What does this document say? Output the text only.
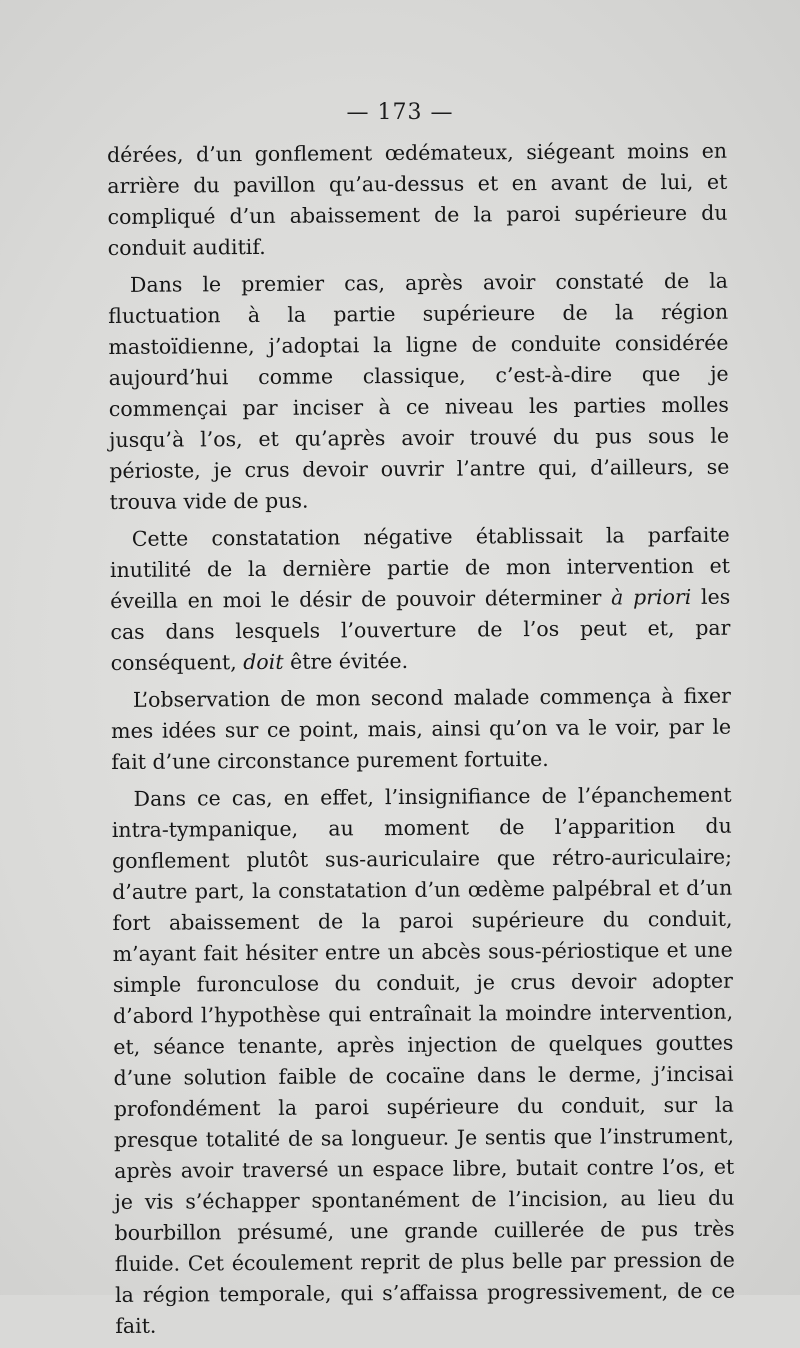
— 173 —

dérées, d’un gonflement œdémateux, siégeant moins en arrière du pavillon qu’au-dessus et en avant de lui, et compliqué d’un abaissement de la paroi supérieure du conduit auditif.

Dans le premier cas, après avoir constaté de la fluctuation à la partie supérieure de la région mastoïdienne, j’adoptai la ligne de conduite considérée aujourd’hui comme classique, c’est-à-dire que je commençai par inciser à ce niveau les parties molles jusqu’à l’os, et qu’après avoir trouvé du pus sous le périoste, je crus devoir ouvrir l’antre qui, d’ailleurs, se trouva vide de pus.

Cette constatation négative établissait la parfaite inutilité de la dernière partie de mon intervention et éveilla en moi le désir de pouvoir déterminer à priori les cas dans lesquels l’ouverture de l’os peut et, par conséquent, doit être évitée.

L’observation de mon second malade commença à fixer mes idées sur ce point, mais, ainsi qu’on va le voir, par le fait d’une circonstance purement fortuite.

Dans ce cas, en effet, l’insignifiance de l’épanchement intra-tympanique, au moment de l’apparition du gonflement plutôt sus-auriculaire que rétro-auriculaire; d’autre part, la constatation d’un œdème palpébral et d’un fort abaissement de la paroi supérieure du conduit, m’ayant fait hésiter entre un abcès sous-périostique et une simple furonculose du conduit, je crus devoir adopter d’abord l’hypothèse qui entraînait la moindre intervention, et, séance tenante, après injection de quelques gouttes d’une solution faible de cocaïne dans le derme, j’incisai profondément la paroi supérieure du conduit, sur la presque totalité de sa longueur. Je sentis que l’instrument, après avoir traversé un espace libre, butait contre l’os, et je vis s’échapper spontanément de l’incision, au lieu du bourbillon présumé, une grande cuillerée de pus très fluide. Cet écoulement reprit de plus belle par pression de la région temporale, qui s’affaissa progressivement, de ce fait.
